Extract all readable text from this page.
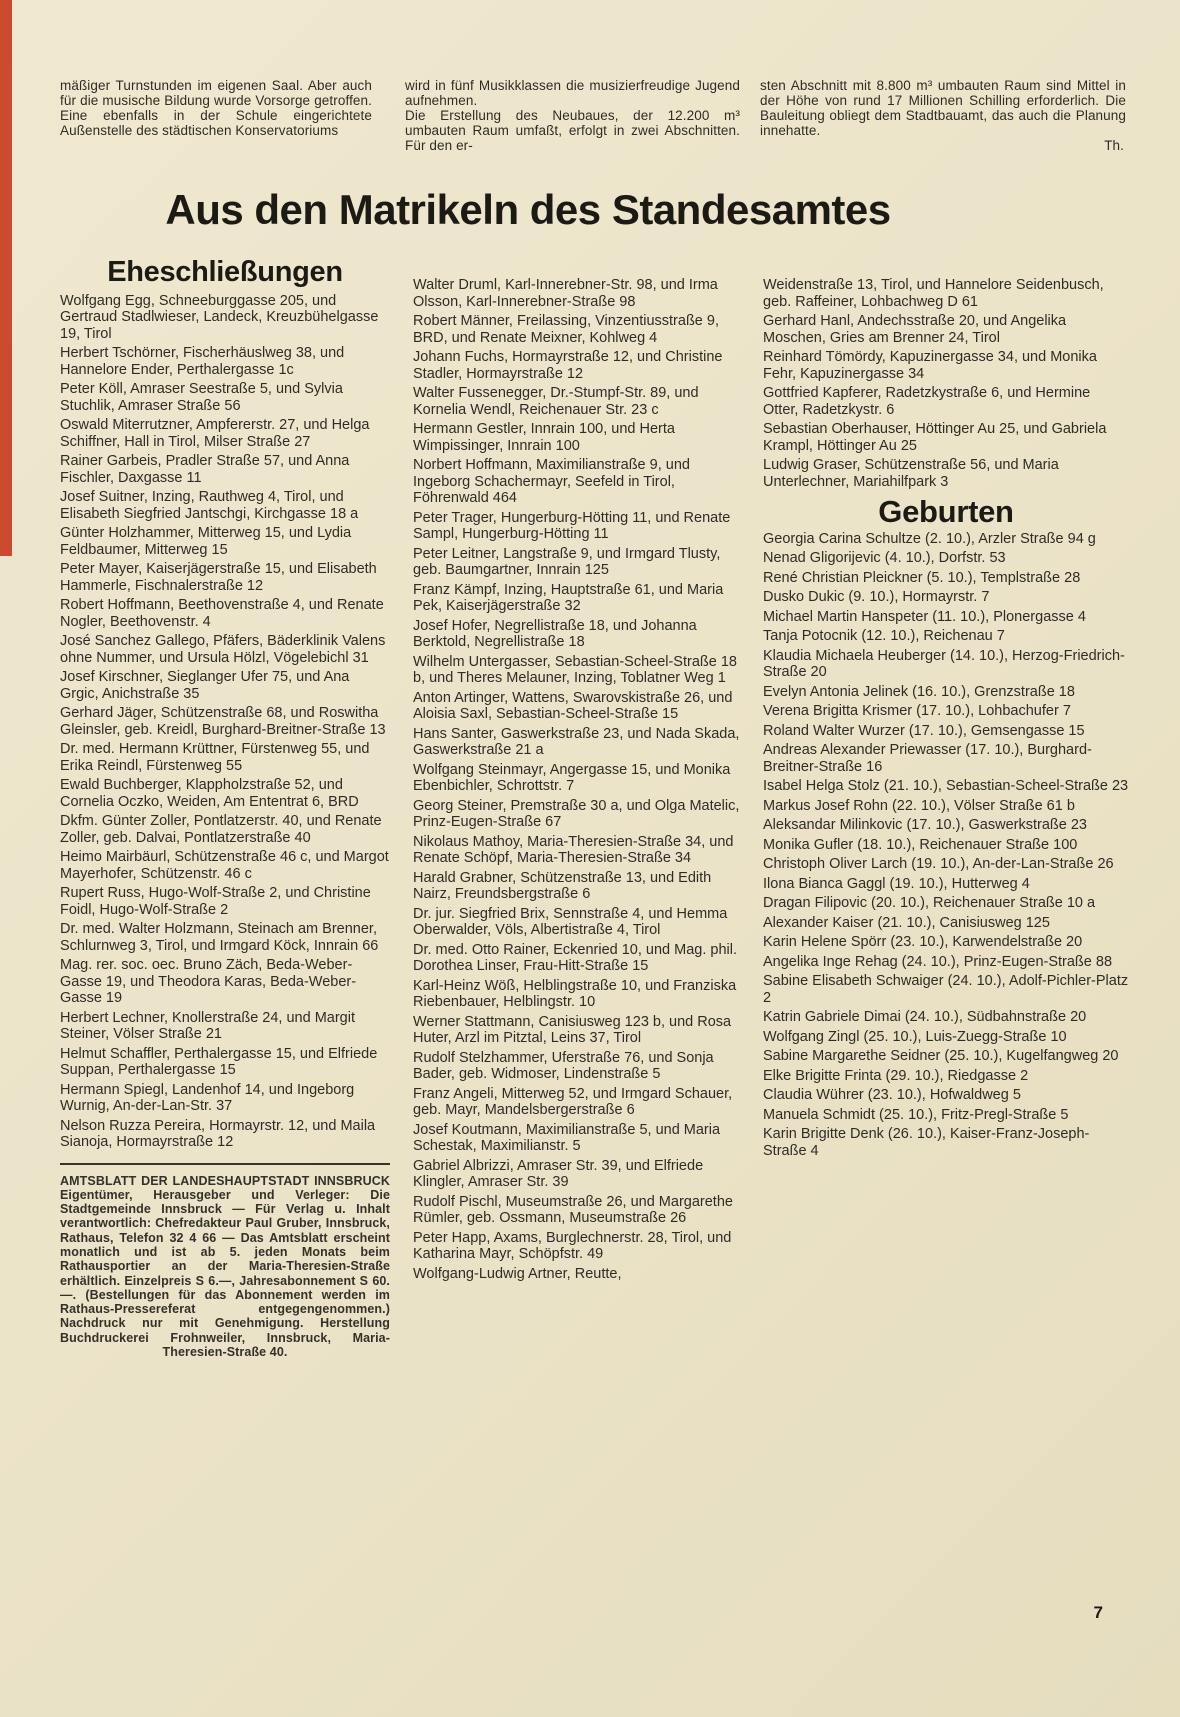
mäßiger Turnstunden im eigenen Saal. Aber auch für die musische Bildung wurde Vorsorge getroffen. Eine ebenfalls in der Schule eingerichtete Außenstelle des städtischen Konservatoriums

wird in fünf Musikklassen die musizierfreudige Jugend aufnehmen.

Die Erstellung des Neubaues, der 12.200 m³ umbauten Raum umfaßt, erfolgt in zwei Abschnitten. Für den er-

sten Abschnitt mit 8.800 m³ umbauten Raum sind Mittel in der Höhe von rund 17 Millionen Schilling erforderlich. Die Bauleitung obliegt dem Stadtbauamt, das auch die Planung innehatte.
Th.
Aus den Matrikeln des Standesamtes
Eheschließungen

Wolfgang Egg, Schneeburggasse 205, und Gertraud Stadlwieser, Landeck, Kreuzbühelgasse 19, Tirol

Herbert Tschörner, Fischerhäuslweg 38, und Hannelore Ender, Perthalergasse 1c

Peter Köll, Amraser Seestraße 5, und Sylvia Stuchlik, Amraser Straße 56

Oswald Miterrutzner, Ampfererstr. 27, und Helga Schiffner, Hall in Tirol, Milser Straße 27

Rainer Garbeis, Pradler Straße 57, und Anna Fischler, Daxgasse 11

Josef Suitner, Inzing, Rauthweg 4, Tirol, und Elisabeth Siegfried Jantschgi, Kirchgasse 18 a

Günter Holzhammer, Mitterweg 15, und Lydia Feldbaumer, Mitterweg 15

Peter Mayer, Kaiserjägerstraße 15, und Elisabeth Hammerle, Fischnalerstraße 12

Robert Hoffmann, Beethovenstraße 4, und Renate Nogler, Beethovenstr. 4

José Sanchez Gallego, Pfäfers, Bäderklinik Valens ohne Nummer, und Ursula Hölzl, Vögelebichl 31

Josef Kirschner, Sieglanger Ufer 75, und Ana Grgic, Anichstraße 35

Gerhard Jäger, Schützenstraße 68, und Roswitha Gleinsler, geb. Kreidl, Burghard-Breitner-Straße 13

Dr. med. Hermann Krüttner, Fürstenweg 55, und Erika Reindl, Fürstenweg 55

Ewald Buchberger, Klappholzstraße 52, und Cornelia Oczko, Weiden, Am Ententrat 6, BRD

Dkfm. Günter Zoller, Pontlatzerstr. 40, und Renate Zoller, geb. Dalvai, Pontlatzerstraße 40

Heimo Mairbäurl, Schützenstraße 46 c, und Margot Mayerhofer, Schützenstr. 46 c

Rupert Russ, Hugo-Wolf-Straße 2, und Christine Foidl, Hugo-Wolf-Straße 2

Dr. med. Walter Holzmann, Steinach am Brenner, Schlurnweg 3, Tirol, und Irmgard Köck, Innrain 66

Mag. rer. soc. oec. Bruno Zäch, Beda-Weber-Gasse 19, und Theodora Karas, Beda-Weber-Gasse 19

Herbert Lechner, Knollerstraße 24, und Margit Steiner, Völser Straße 21

Helmut Schaffler, Perthalergasse 15, und Elfriede Suppan, Perthalergasse 15

Hermann Spiegl, Landenhof 14, und Ingeborg Wurnig, An-der-Lan-Str. 37

Nelson Ruzza Pereira, Hormayrstr. 12, und Maila Sianoja, Hormayrstraße 12

AMTSBLATT DER LANDESHAUPTSTADT INNSBRUCK Eigentümer, Herausgeber und Verleger: Die Stadtgemeinde Innsbruck — Für Verlag u. Inhalt verantwortlich: Chefredakteur Paul Gruber, Innsbruck, Rathaus, Telefon 32 4 66 — Das Amtsblatt erscheint monatlich und ist ab 5. jeden Monats beim Rathausportier an der Maria-Theresien-Straße erhältlich. Einzelpreis S 6.—, Jahresabonnement S 60.—. (Bestellungen für das Abonnement werden im Rathaus-Pressereferat entgegengenommen.) Nachdruck nur mit Genehmigung. Herstellung Buchdruckerei Frohnweiler, Innsbruck, Maria-Theresien-Straße 40.

Walter Druml, Karl-Innerebner-Str. 98, und Irma Olsson, Karl-Innerebner-Straße 98

Robert Männer, Freilassing, Vinzentiusstraße 9, BRD, und Renate Meixner, Kohlweg 4

Johann Fuchs, Hormayrstraße 12, und Christine Stadler, Hormayrstraße 12

Walter Fussenegger, Dr.-Stumpf-Str. 89, und Kornelia Wendl, Reichenauer Str. 23 c

Hermann Gestler, Innrain 100, und Herta Wimpissinger, Innrain 100

Norbert Hoffmann, Maximilianstraße 9, und Ingeborg Schachermayr, Seefeld in Tirol, Föhrenwald 464

Peter Trager, Hungerburg-Hötting 11, und Renate Sampl, Hungerburg-Hötting 11

Peter Leitner, Langstraße 9, und Irmgard Tlusty, geb. Baumgartner, Innrain 125

Franz Kämpf, Inzing, Hauptstraße 61, und Maria Pek, Kaiserjägerstraße 32

Josef Hofer, Negrellistraße 18, und Johanna Berktold, Negrellistraße 18

Wilhelm Untergasser, Sebastian-Scheel-Straße 18 b, und Theres Melauner, Inzing, Toblatner Weg 1

Anton Artinger, Wattens, Swarovskistraße 26, und Aloisia Saxl, Sebastian-Scheel-Straße 15

Hans Santer, Gaswerkstraße 23, und Nada Skada, Gaswerkstraße 21 a

Wolfgang Steinmayr, Angergasse 15, und Monika Ebenbichler, Schrottstr. 7

Georg Steiner, Premstraße 30 a, und Olga Matelic, Prinz-Eugen-Straße 67

Nikolaus Mathoy, Maria-Theresien-Straße 34, und Renate Schöpf, Maria-Theresien-Straße 34

Harald Grabner, Schützenstraße 13, und Edith Nairz, Freundsbergstraße 6

Dr. jur. Siegfried Brix, Sennstraße 4, und Hemma Oberwalder, Völs, Albertistraße 4, Tirol

Dr. med. Otto Rainer, Eckenried 10, und Mag. phil. Dorothea Linser, Frau-Hitt-Straße 15

Karl-Heinz Wöß, Helblingstraße 10, und Franziska Riebenbauer, Helblingstr. 10

Werner Stattmann, Canisiusweg 123 b, und Rosa Huter, Arzl im Pitztal, Leins 37, Tirol

Rudolf Stelzhammer, Uferstraße 76, und Sonja Bader, geb. Widmoser, Lindenstraße 5

Franz Angeli, Mitterweg 52, und Irmgard Schauer, geb. Mayr, Mandelsbergerstraße 6

Josef Koutmann, Maximilianstraße 5, und Maria Schestak, Maximilianstr. 5

Gabriel Albrizzi, Amraser Str. 39, und Elfriede Klingler, Amraser Str. 39

Rudolf Pischl, Museumstraße 26, und Margarethe Rümler, geb. Ossmann, Museumstraße 26

Peter Happ, Axams, Burglechnerstr. 28, Tirol, und Katharina Mayr, Schöpfstr. 49

Wolfgang-Ludwig Artner, Reutte,

Weidenstraße 13, Tirol, und Hannelore Seidenbusch, geb. Raffeiner, Lohbachweg D 61

Gerhard Hanl, Andechsstraße 20, und Angelika Moschen, Gries am Brenner 24, Tirol

Reinhard Tömördy, Kapuzinergasse 34, und Monika Fehr, Kapuzinergasse 34

Gottfried Kapferer, Radetzkystraße 6, und Hermine Otter, Radetzkystr. 6

Sebastian Oberhauser, Höttinger Au 25, und Gabriela Krampl, Höttinger Au 25

Ludwig Graser, Schützenstraße 56, und Maria Unterlechner, Mariahilfpark 3

Geburten

Georgia Carina Schultze (2. 10.), Arzler Straße 94 g

Nenad Gligorijevic (4. 10.), Dorfstr. 53

René Christian Pleickner (5. 10.), Templstraße 28

Dusko Dukic (9. 10.), Hormayrstr. 7

Michael Martin Hanspeter (11. 10.), Plonergasse 4

Tanja Potocnik (12. 10.), Reichenau 7

Klaudia Michaela Heuberger (14. 10.), Herzog-Friedrich-Straße 20

Evelyn Antonia Jelinek (16. 10.), Grenzstraße 18

Verena Brigitta Krismer (17. 10.), Lohbachufer 7

Roland Walter Wurzer (17. 10.), Gemsengasse 15

Andreas Alexander Priewasser (17. 10.), Burghard-Breitner-Straße 16

Isabel Helga Stolz (21. 10.), Sebastian-Scheel-Straße 23

Markus Josef Rohn (22. 10.), Völser Straße 61 b

Aleksandar Milinkovic (17. 10.), Gaswerkstraße 23

Monika Gufler (18. 10.), Reichenauer Straße 100

Christoph Oliver Larch (19. 10.), An-der-Lan-Straße 26

Ilona Bianca Gaggl (19. 10.), Hutterweg 4

Dragan Filipovic (20. 10.), Reichenauer Straße 10 a

Alexander Kaiser (21. 10.), Canisiusweg 125

Karin Helene Spörr (23. 10.), Karwendelstraße 20

Angelika Inge Rehag (24. 10.), Prinz-Eugen-Straße 88

Sabine Elisabeth Schwaiger (24. 10.), Adolf-Pichler-Platz 2

Katrin Gabriele Dimai (24. 10.), Südbahnstraße 20

Wolfgang Zingl (25. 10.), Luis-Zuegg-Straße 10

Sabine Margarethe Seidner (25. 10.), Kugelfangweg 20

Elke Brigitte Frinta (29. 10.), Riedgasse 2

Claudia Wührer (23. 10.), Hofwaldweg 5

Manuela Schmidt (25. 10.), Fritz-Pregl-Straße 5

Karin Brigitte Denk (26. 10.), Kaiser-Franz-Joseph-Straße 4

7
